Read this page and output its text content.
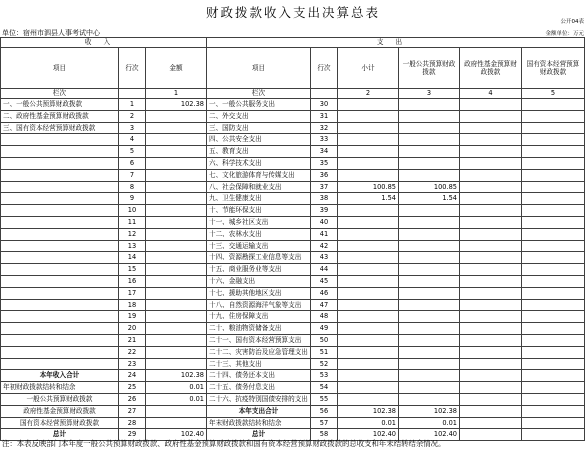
财政拨款收入支出决算总表
公开04表
单位：宿州市泗县人事考试中心	金额单位：万元
收入			支出					
项目	行次	金额	项目	行次	小计	一般公共预算财政拨款	政府性基金预算财政拨款	国有资本经营预算财政拨款
栏次		1	栏次		2	3	4	5
一、一般公共预算财政拨款	1	102.38	一、一般公共服务支出	30				
二、政府性基金预算财政拨款	2		二、外交支出	31				
三、国有资本经营预算财政拨款	3		三、国防支出	32				
	4		四、公共安全支出	33				
	5		五、教育支出	34				
	6		六、科学技术支出	35				
	7		七、文化旅游体育与传媒支出	36				
	8		八、社会保障和就业支出	37	100.85	100.85		
	9		九、卫生健康支出	38	1.54	1.54		
	10		十、节能环保支出	39				
	11		十一、城乡社区支出	40				
	12		十二、农林水支出	41				
	13		十三、交通运输支出	42				
	14		十四、资源勘探工业信息等支出	43				
	15		十五、商业服务业等支出	44				
	16		十六、金融支出	45				
	17		十七、援助其他地区支出	46				
	18		十八、自然资源海洋气象等支出	47				
	19		十九、住房保障支出	48				
	20		二十、粮油物资储备支出	49				
	21		二十一、国有资本经营预算支出	50				
	22		二十二、灾害防治及应急管理支出	51				
	23		二十三、其他支出	52				
本年收入合计	24	102.38	二十四、债务还本支出	53				
年初财政拨款结转和结余	25	0.01	二十五、债务付息支出	54				
一般公共预算财政拨款	26	0.01	二十六、抗疫特别国债安排的支出	55				
政府性基金预算财政拨款	27		本年支出合计	56	102.38	102.38		
国有资本经营预算财政拨款	28		年末财政拨款结转和结余	57	0.01	0.01		
总计	29	102.40	总计	58	102.40	102.40		
注：本表反映部门本年度一般公共预算财政拨款、政府性基金预算财政拨款和国有资本经营预算财政拨款的总收支和年末结转结余情况。
